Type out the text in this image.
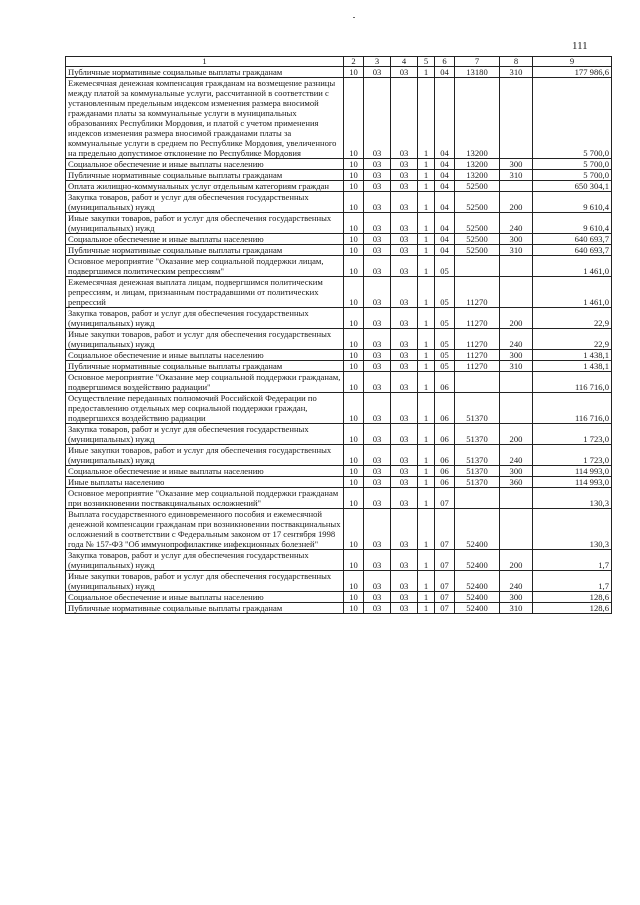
111
1	2	3	4	5	6	7	8	9
Публичные нормативные социальные выплаты гражданам	10	03	03	1	04	13180	310	177 986,6
Ежемесячная денежная компенсация гражданам на возмещение разницы между платой за коммунальные услуги, рассчитанной в соответствии с установленным предельным индексом изменения размера вносимой гражданами платы за коммунальные услуги в муниципальных образованиях Республики Мордовия, и платой с учетом применения индексов изменения размера вносимой гражданами платы за коммунальные услуги в среднем по Республике Мордовия, увеличенного на предельно допустимое отклонение по Республике Мордовия	10	03	03	1	04	13200		5 700,0
Социальное обеспечение и иные выплаты населению	10	03	03	1	04	13200	300	5 700,0
Публичные нормативные социальные выплаты гражданам	10	03	03	1	04	13200	310	5 700,0
Оплата жилищно-коммунальных услуг отдельным категориям граждан	10	03	03	1	04	52500		650 304,1
Закупка товаров, работ и услуг для обеспечения государственных (муниципальных) нужд	10	03	03	1	04	52500	200	9 610,4
Иные закупки товаров, работ и услуг для обеспечения государственных (муниципальных) нужд	10	03	03	1	04	52500	240	9 610,4
Социальное обеспечение и иные выплаты населению	10	03	03	1	04	52500	300	640 693,7
Публичные нормативные социальные выплаты гражданам	10	03	03	1	04	52500	310	640 693,7
Основное мероприятие "Оказание мер социальной поддержки лицам, подвергшимся политическим репрессиям"	10	03	03	1	05			1 461,0
Ежемесячная денежная выплата лицам, подвергшимся политическим репрессиям, и лицам, признанным пострадавшими от политических репрессий	10	03	03	1	05	11270		1 461,0
Закупка товаров, работ и услуг для обеспечения государственных (муниципальных) нужд	10	03	03	1	05	11270	200	22,9
Иные закупки товаров, работ и услуг для обеспечения государственных (муниципальных) нужд	10	03	03	1	05	11270	240	22,9
Социальное обеспечение и иные выплаты населению	10	03	03	1	05	11270	300	1 438,1
Публичные нормативные социальные выплаты гражданам	10	03	03	1	05	11270	310	1 438,1
Основное мероприятие "Оказание мер социальной поддержки гражданам, подвергшимся воздействию радиации"	10	03	03	1	06			116 716,0
Осуществление переданных полномочий Российской Федерации по предоставлению отдельных мер социальной поддержки граждан, подвергшихся воздействию радиации	10	03	03	1	06	51370		116 716,0
Закупка товаров, работ и услуг для обеспечения государственных (муниципальных) нужд	10	03	03	1	06	51370	200	1 723,0
Иные закупки товаров, работ и услуг для обеспечения государственных (муниципальных) нужд	10	03	03	1	06	51370	240	1 723,0
Социальное обеспечение и иные выплаты населению	10	03	03	1	06	51370	300	114 993,0
Иные выплаты населению	10	03	03	1	06	51370	360	114 993,0
Основное мероприятие "Оказание мер социальной поддержки гражданам при возникновении поствакцинальных осложнений"	10	03	03	1	07			130,3
Выплата государственного единовременного пособия и ежемесячной денежной компенсации гражданам при возникновении поствакцинальных осложнений в соответствии с Федеральным законом от 17 сентября 1998 года № 157-ФЗ "Об иммунопрофилактике инфекционных болезней"	10	03	03	1	07	52400		130,3
Закупка товаров, работ и услуг для обеспечения государственных (муниципальных) нужд	10	03	03	1	07	52400	200	1,7
Иные закупки товаров, работ и услуг для обеспечения государственных (муниципальных) нужд	10	03	03	1	07	52400	240	1,7
Социальное обеспечение и иные выплаты населению	10	03	03	1	07	52400	300	128,6
Публичные нормативные социальные выплаты гражданам	10	03	03	1	07	52400	310	128,6
